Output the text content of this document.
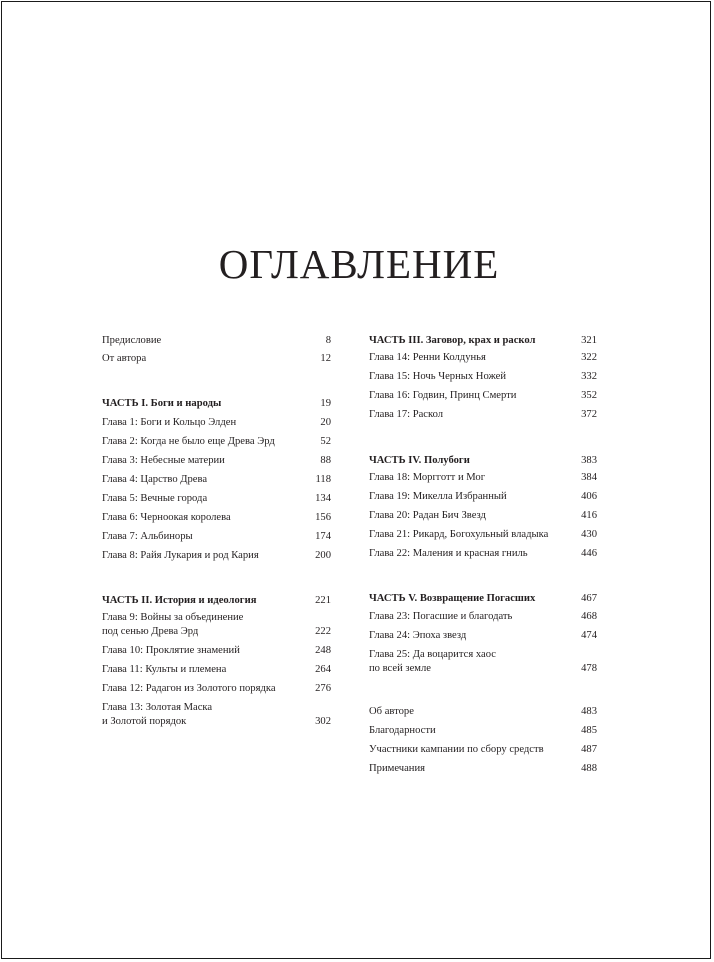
ОГЛАВЛЕНИЕ
Предисловие	8
От автора	12
ЧАСТЬ I. Боги и народы	19
Глава 1: Боги и Кольцо Элден	20
Глава 2: Когда не было еще Древа Эрд	52
Глава 3: Небесные материи	88
Глава 4: Царство Древа	118
Глава 5: Вечные города	134
Глава 6: Черноокая королева	156
Глава 7: Альбиноры	174
Глава 8: Райя Лукария и род Кария	200
ЧАСТЬ II. История и идеология	221
Глава 9: Войны за объединение
под сенью Древа Эрд	222
Глава 10: Проклятие знамений	248
Глава 11: Культы и племена	264
Глава 12: Радагон из Золотого порядка	276
Глава 13: Золотая Маска
и Золотой порядок	302
ЧАСТЬ III. Заговор, крах и раскол	321
Глава 14: Ренни Колдунья	322
Глава 15: Ночь Черных Ножей	332
Глава 16: Годвин, Принц Смерти	352
Глава 17: Раскол	372
ЧАСТЬ IV. Полубоги	383
Глава 18: Моргготт и Мог	384
Глава 19: Микелла Избранный	406
Глава 20: Радан Бич Звезд	416
Глава 21: Рикард, Богохульный владыка	430
Глава 22: Маления и красная гниль	446
ЧАСТЬ V. Возвращение Погасших	467
Глава 23: Погасшие и благодать	468
Глава 24: Эпоха звезд	474
Глава 25: Да воцарится хаос
по всей земле	478
Об авторе	483
Благодарности	485
Участники кампании по сбору средств	487
Примечания	488
